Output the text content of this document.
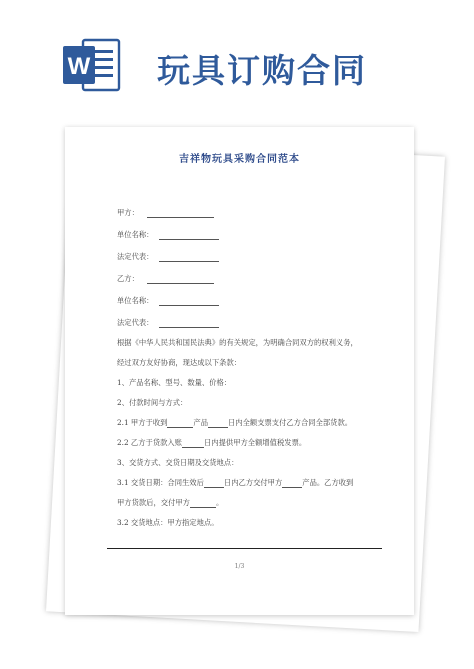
W 玩具订购合同
吉祥物玩具采购合同范本
甲方：
单位名称：
法定代表：
乙方：
单位名称：
法定代表：
根据《中华人民共和国民法典》的有关规定，为明确合同双方的权利义务，
经过双方友好协商，现达成以下条款：
1、产品名称、型号、数量、价格：
2、付款时间与方式：
2.1 甲方于收到	产品	日内全额支票支付乙方合同全部货款。
2.2 乙方于货款入账	日内提供甲方全额增值税发票。
3、交货方式、交货日期及交货地点：
3.1 交货日期：合同生效后	日内乙方交付甲方	产品。乙方收到
甲方货款后，交付甲方	。
3.2 交货地点：甲方指定地点。
1/3
